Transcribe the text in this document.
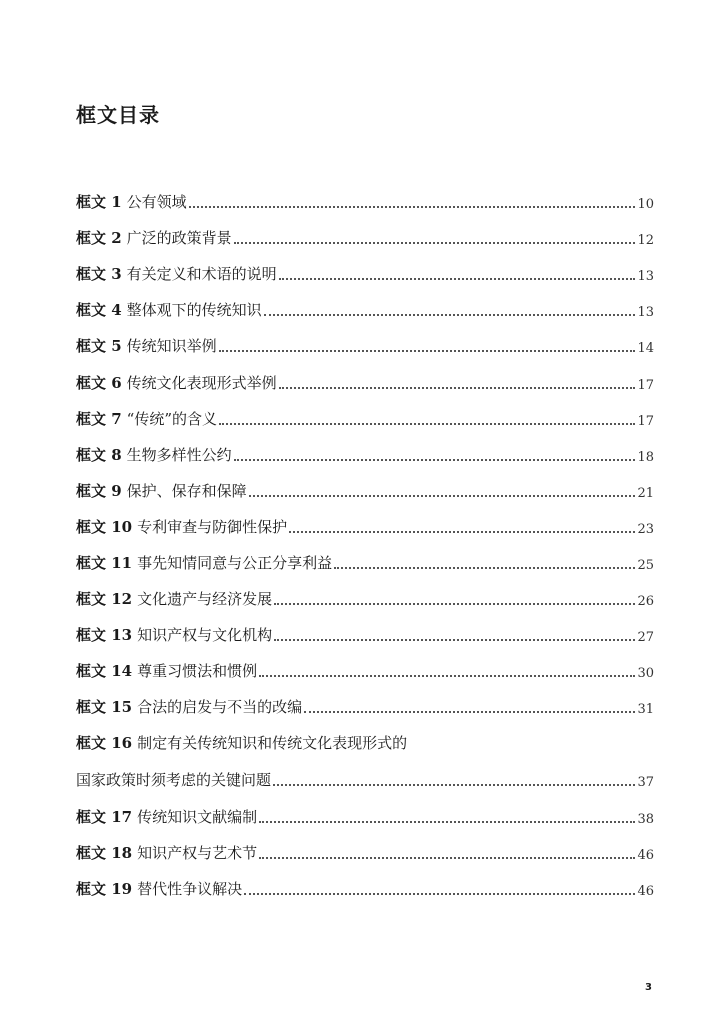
框文目录
框文 1 公有领域	10
框文 2 广泛的政策背景	12
框文 3 有关定义和术语的说明	13
框文 4 整体观下的传统知识	13
框文 5 传统知识举例	14
框文 6 传统文化表现形式举例	17
框文 7 “传统”的含义	17
框文 8 生物多样性公约	18
框文 9 保护、保存和保障	21
框文 10 专利审查与防御性保护	23
框文 11 事先知情同意与公正分享利益	25
框文 12 文化遗产与经济发展	26
框文 13 知识产权与文化机构	27
框文 14 尊重习惯法和惯例	30
框文 15 合法的启发与不当的改编	31
框文 16 制定有关传统知识和传统文化表现形式的
国家政策时须考虑的关键问题	37
框文 17 传统知识文献编制	38
框文 18 知识产权与艺术节	46
框文 19 替代性争议解决	46
3
